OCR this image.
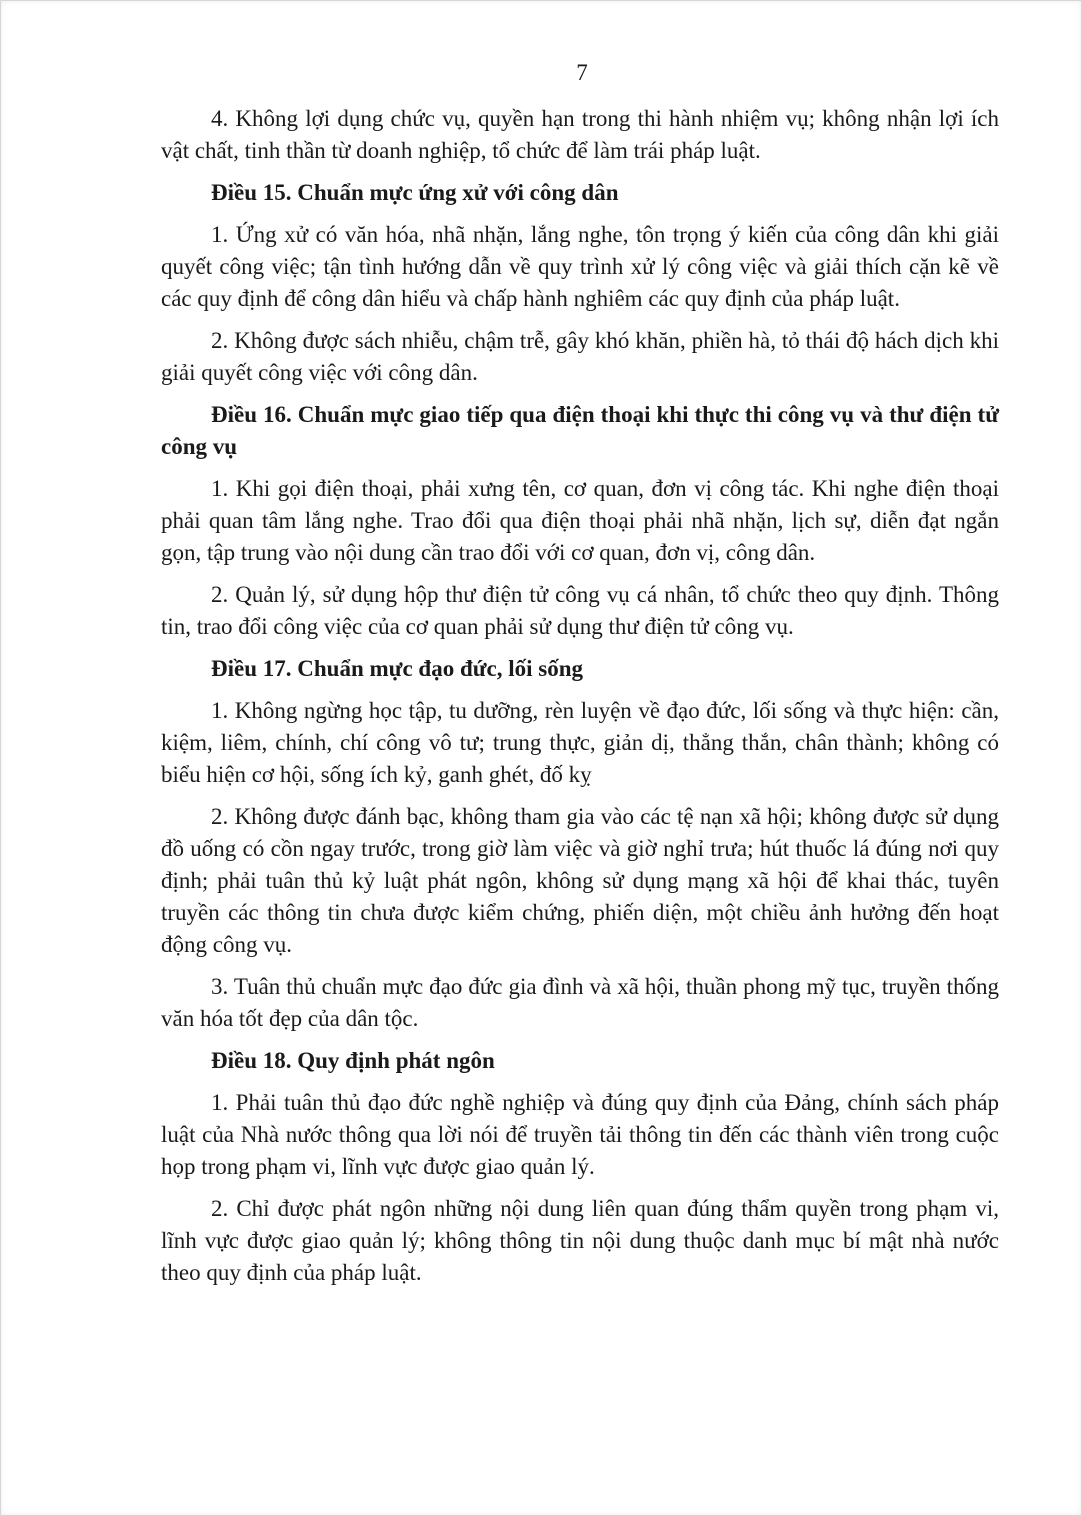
7

4. Không lợi dụng chức vụ, quyền hạn trong thi hành nhiệm vụ; không nhận lợi ích vật chất, tinh thần từ doanh nghiệp, tổ chức để làm trái pháp luật.

Điều 15. Chuẩn mực ứng xử với công dân

1. Ứng xử có văn hóa, nhã nhặn, lắng nghe, tôn trọng ý kiến của công dân khi giải quyết công việc; tận tình hướng dẫn về quy trình xử lý công việc và giải thích cặn kẽ về các quy định để công dân hiểu và chấp hành nghiêm các quy định của pháp luật.

2. Không được sách nhiễu, chậm trễ, gây khó khăn, phiền hà, tỏ thái độ hách dịch khi giải quyết công việc với công dân.

Điều 16. Chuẩn mực giao tiếp qua điện thoại khi thực thi công vụ và thư điện tử công vụ

1. Khi gọi điện thoại, phải xưng tên, cơ quan, đơn vị công tác. Khi nghe điện thoại phải quan tâm lắng nghe. Trao đổi qua điện thoại phải nhã nhặn, lịch sự, diễn đạt ngắn gọn, tập trung vào nội dung cần trao đổi với cơ quan, đơn vị, công dân.

2. Quản lý, sử dụng hộp thư điện tử công vụ cá nhân, tổ chức theo quy định. Thông tin, trao đổi công việc của cơ quan phải sử dụng thư điện tử công vụ.

Điều 17. Chuẩn mực đạo đức, lối sống

1. Không ngừng học tập, tu dưỡng, rèn luyện về đạo đức, lối sống và thực hiện: cần, kiệm, liêm, chính, chí công vô tư; trung thực, giản dị, thẳng thắn, chân thành; không có biểu hiện cơ hội, sống ích kỷ, ganh ghét, đố kỵ

2. Không được đánh bạc, không tham gia vào các tệ nạn xã hội; không được sử dụng đồ uống có cồn ngay trước, trong giờ làm việc và giờ nghỉ trưa; hút thuốc lá đúng nơi quy định; phải tuân thủ kỷ luật phát ngôn, không sử dụng mạng xã hội để khai thác, tuyên truyền các thông tin chưa được kiểm chứng, phiến diện, một chiều ảnh hưởng đến hoạt động công vụ.

3. Tuân thủ chuẩn mực đạo đức gia đình và xã hội, thuần phong mỹ tục, truyền thống văn hóa tốt đẹp của dân tộc.

Điều 18. Quy định phát ngôn

1. Phải tuân thủ đạo đức nghề nghiệp và đúng quy định của Đảng, chính sách pháp luật của Nhà nước thông qua lời nói để truyền tải thông tin đến các thành viên trong cuộc họp trong phạm vi, lĩnh vực được giao quản lý.

2. Chỉ được phát ngôn những nội dung liên quan đúng thẩm quyền trong phạm vi, lĩnh vực được giao quản lý; không thông tin nội dung thuộc danh mục bí mật nhà nước theo quy định của pháp luật.
